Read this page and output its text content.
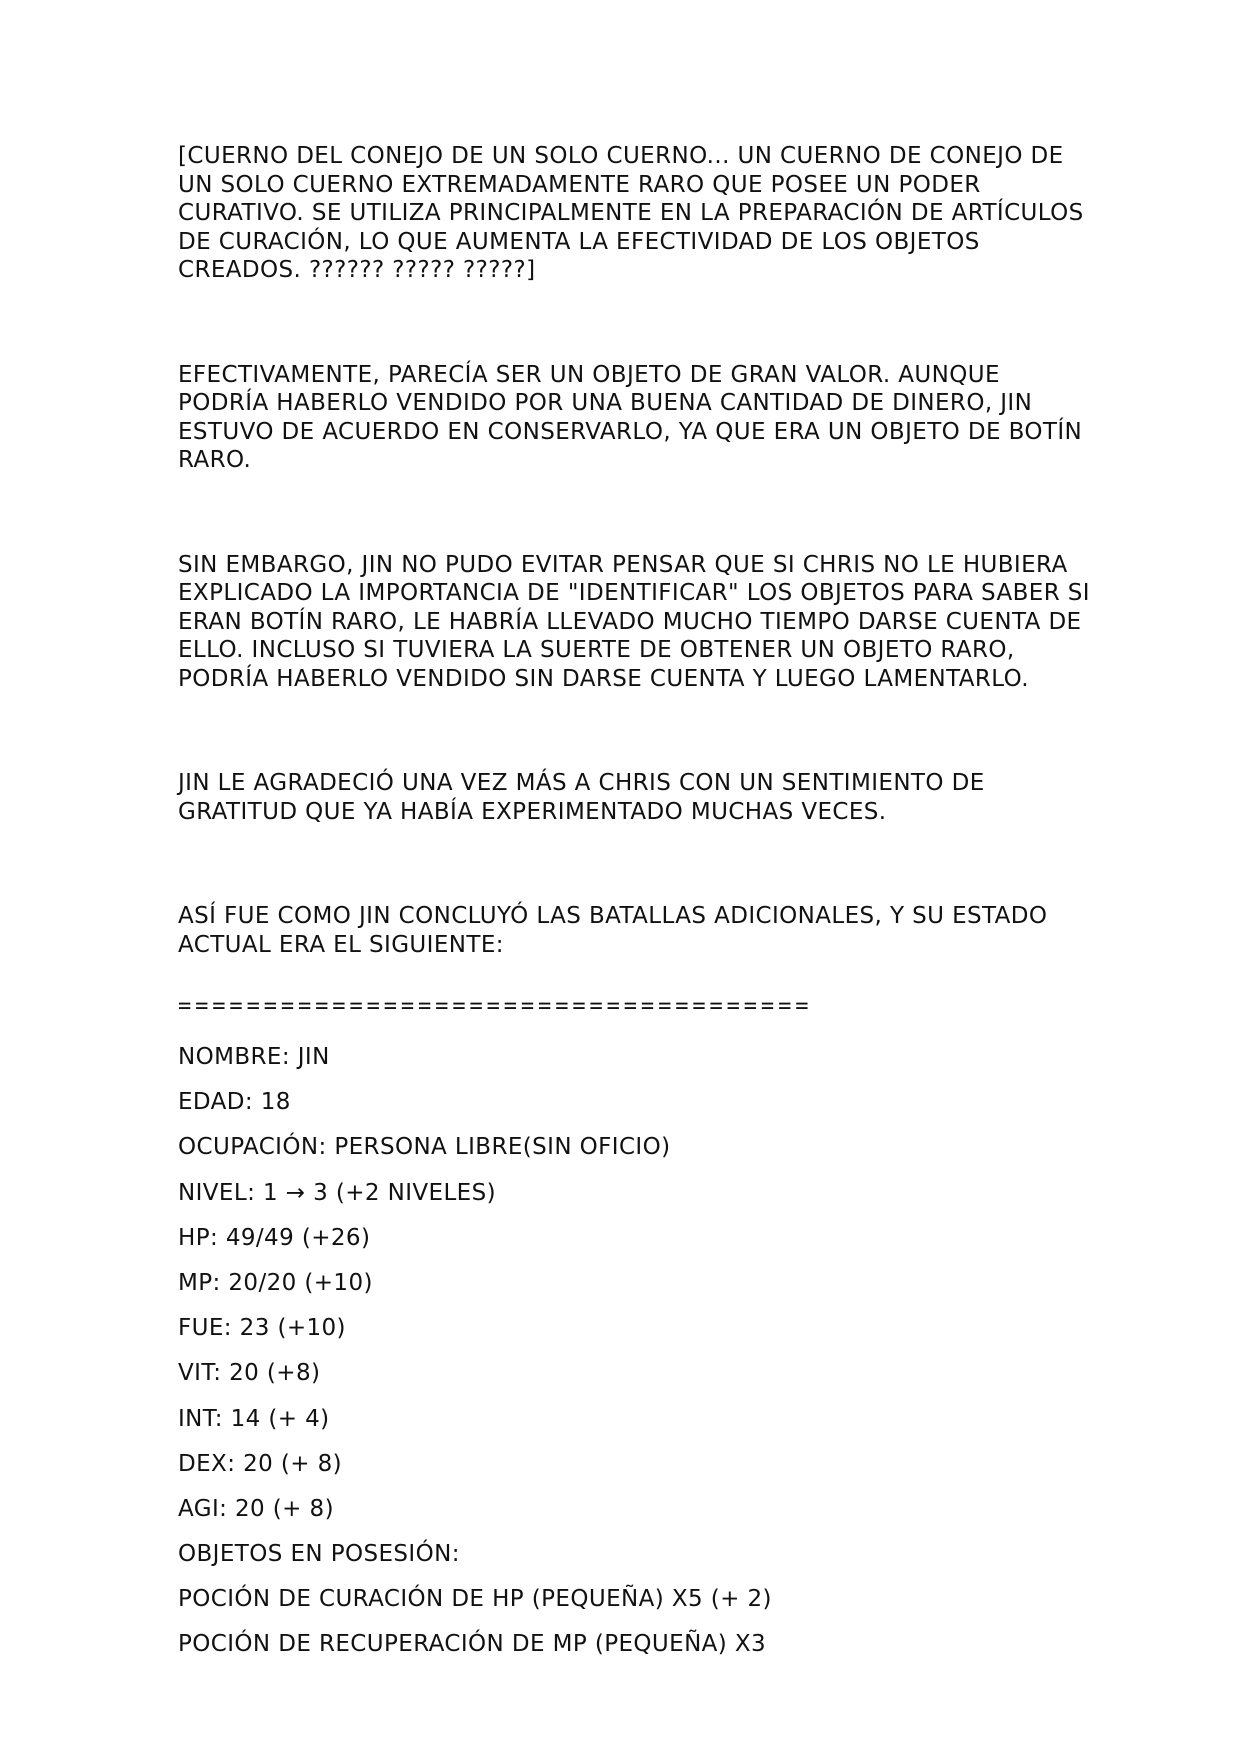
[CUERNO DEL CONEJO DE UN SOLO CUERNO... UN CUERNO DE CONEJO DE UN SOLO CUERNO EXTREMADAMENTE RARO QUE POSEE UN PODER CURATIVO. SE UTILIZA PRINCIPALMENTE EN LA PREPARACIÓN DE ARTÍCULOS DE CURACIÓN, LO QUE AUMENTA LA EFECTIVIDAD DE LOS OBJETOS CREADOS. ?????? ????? ?????]

EFECTIVAMENTE, PARECÍA SER UN OBJETO DE GRAN VALOR. AUNQUE PODRÍA HABERLO VENDIDO POR UNA BUENA CANTIDAD DE DINERO, JIN ESTUVO DE ACUERDO EN CONSERVARLO, YA QUE ERA UN OBJETO DE BOTÍN RARO.

SIN EMBARGO, JIN NO PUDO EVITAR PENSAR QUE SI CHRIS NO LE HUBIERA EXPLICADO LA IMPORTANCIA DE "IDENTIFICAR" LOS OBJETOS PARA SABER SI ERAN BOTÍN RARO, LE HABRÍA LLEVADO MUCHO TIEMPO DARSE CUENTA DE ELLO. INCLUSO SI TUVIERA LA SUERTE DE OBTENER UN OBJETO RARO, PODRÍA HABERLO VENDIDO SIN DARSE CUENTA Y LUEGO LAMENTARLO.

JIN LE AGRADECIÓ UNA VEZ MÁS A CHRIS CON UN SENTIMIENTO DE GRATITUD QUE YA HABÍA EXPERIMENTADO MUCHAS VECES.

ASÍ FUE COMO JIN CONCLUYÓ LAS BATALLAS ADICIONALES, Y SU ESTADO ACTUAL ERA EL SIGUIENTE:

=====================================
NOMBRE: JIN
EDAD: 18
OCUPACIÓN: PERSONA LIBRE(SIN OFICIO)
NIVEL: 1 → 3 (+2 NIVELES)
HP: 49/49 (+26)
MP: 20/20 (+10)
FUE: 23 (+10)
VIT: 20 (+8)
INT: 14 (+ 4)
DEX: 20 (+ 8)
AGI: 20 (+ 8)
OBJETOS EN POSESIÓN:
POCIÓN DE CURACIÓN DE HP (PEQUEÑA) X5 (+ 2)
POCIÓN DE RECUPERACIÓN DE MP (PEQUEÑA) X3
